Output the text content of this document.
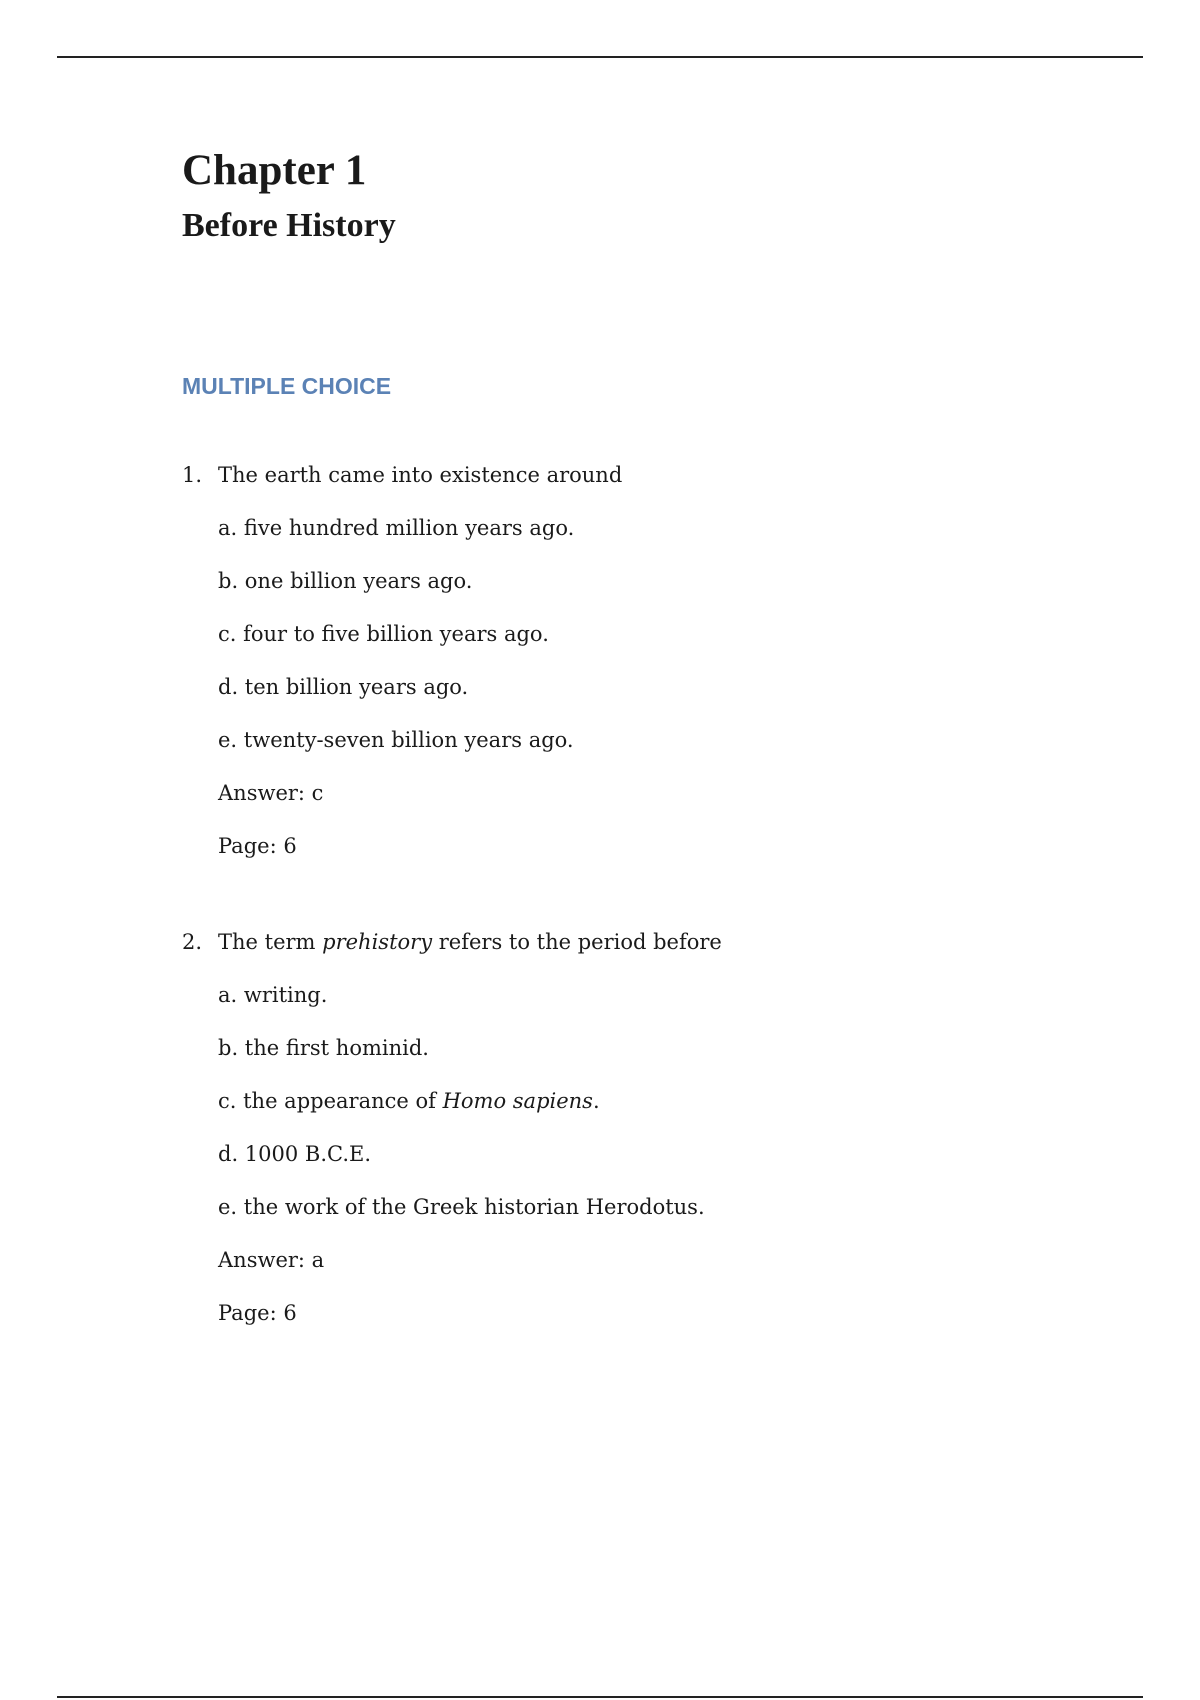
Chapter 1
Before History
MULTIPLE CHOICE
1. The earth came into existence around
a. five hundred million years ago.
b. one billion years ago.
c. four to five billion years ago.
d. ten billion years ago.
e. twenty-seven billion years ago.
Answer: c
Page: 6
2. The term prehistory refers to the period before
a. writing.
b. the first hominid.
c. the appearance of Homo sapiens.
d. 1000 B.C.E.
e. the work of the Greek historian Herodotus.
Answer: a
Page: 6
